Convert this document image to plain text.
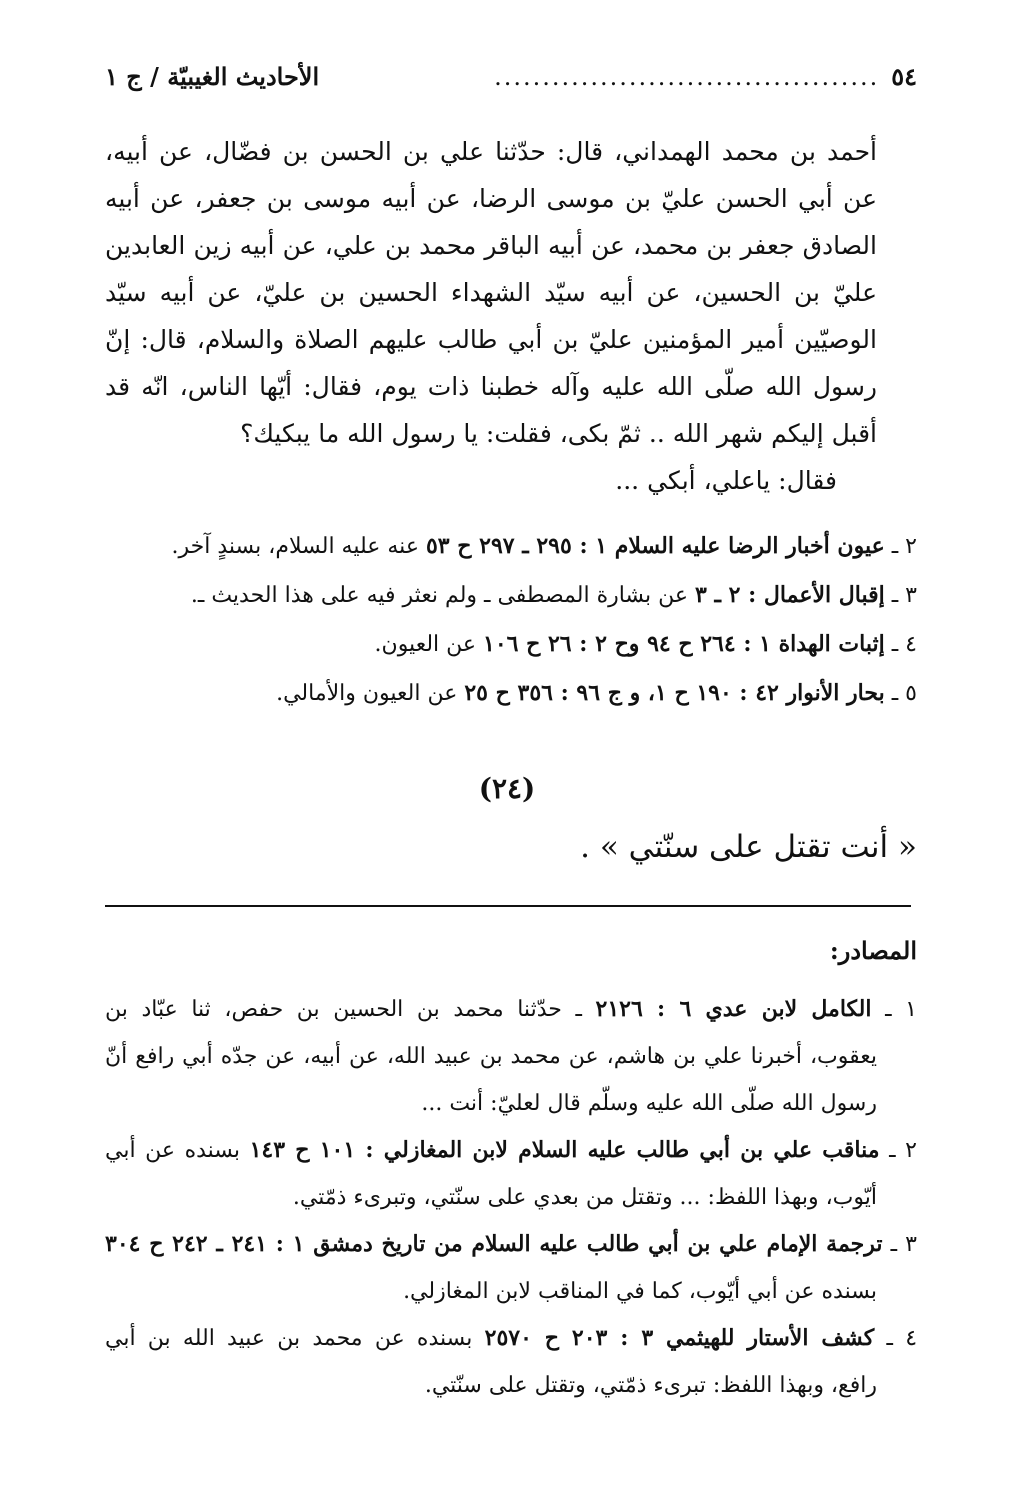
٥٤
........................................
الأحاديث الغيبيّة / ج ١

أحمد بن محمد الهمداني، قال: حدّثنا علي بن الحسن بن فضّال، عن أبيه، عن أبي الحسن عليّ بن موسى الرضا، عن أبيه موسى بن جعفر، عن أبيه الصادق جعفر بن محمد، عن أبيه الباقر محمد بن علي، عن أبيه زين العابدين عليّ بن الحسين، عن أبيه سيّد الشهداء الحسين بن عليّ، عن أبيه سيّد الوصيّين أمير المؤمنين عليّ بن أبي طالب عليهم الصلاة والسلام، قال: إنّ رسول الله صلّى الله عليه وآله خطبنا ذات يوم، فقال: أيّها الناس، انّه قد أقبل إليكم شهر الله .. ثمّ بكى، فقلت: يا رسول الله ما يبكيك؟

فقال: ياعلي، أبكي ...

٢ ـ عيون أخبار الرضا عليه السلام ١ : ٢٩٥ ـ ٢٩٧ ح ٥٣ عنه عليه السلام، بسندٍ آخر.

٣ ـ إقبال الأعمال : ٢ ـ ٣ عن بشارة المصطفى ـ ولم نعثر فيه على هذا الحديث ـ.

٤ ـ إثبات الهداة ١ : ٢٦٤ ح ٩٤ وح ٢ : ٢٦ ح ١٠٦ عن العيون.

٥ ـ بحار الأنوار ٤٢ : ١٩٠ ح ١، و ج ٩٦ : ٣٥٦ ح ٢٥ عن العيون والأمالي.

(٢٤)
« أنت تقتل على سنّتي » .
المصادر:
١ ـ الكامل لابن عدي ٦ : ٢١٢٦ ـ حدّثنا محمد بن الحسين بن حفص، ثنا عبّاد بن
يعقوب، أخبرنا علي بن هاشم، عن محمد بن عبيد الله، عن أبيه، عن جدّه أبي رافع أنّ رسول الله صلّى الله عليه وسلّم قال لعليّ: أنت ...
٢ ـ مناقب علي بن أبي طالب عليه السلام لابن المغازلي : ١٠١ ح ١٤٣ بسنده عن أبي
أيّوب، وبهذا اللفظ: ... وتقتل من بعدي على سنّتي، وتبرىء ذمّتي.
٣ ـ ترجمة الإمام علي بن أبي طالب عليه السلام من تاريخ دمشق ١ : ٢٤١ ـ ٢٤٢ ح ٣٠٤
بسنده عن أبي أيّوب، كما في المناقب لابن المغازلي.
٤ ـ كشف الأستار للهيثمي ٣ : ٢٠٣ ح ٢٥٧٠ بسنده عن محمد بن عبيد الله بن أبي
رافع، وبهذا اللفظ: تبرىء ذمّتي، وتقتل على سنّتي.
